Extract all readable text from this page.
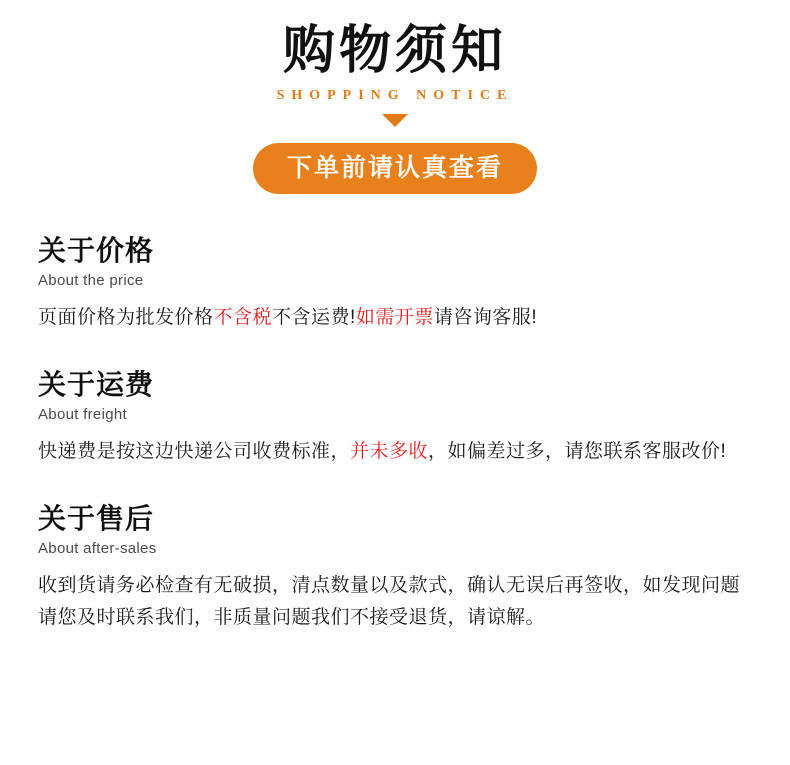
购物须知
SHOPPING NOTICE
下单前请认真查看
关于价格
About the price
页面价格为批发价格不含税不含运费!如需开票请咨询客服!
关于运费
About freight
快递费是按这边快递公司收费标准，并未多收，如偏差过多，请您联系客服改价!
关于售后
About after-sales
收到货请务必检查有无破损，清点数量以及款式，确认无误后再签收，如发现问题请您及时联系我们，非质量问题我们不接受退货，请谅解。
